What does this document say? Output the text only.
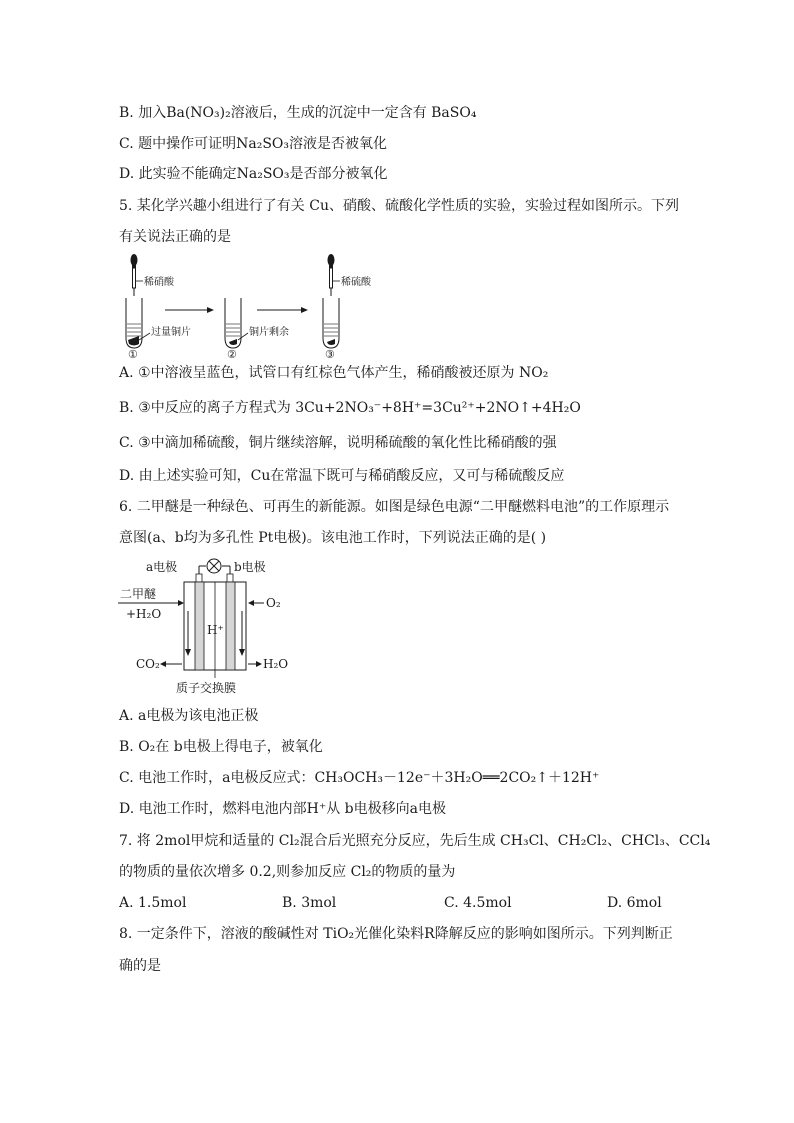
B. 加入Ba(NO₃)₂溶液后，生成的沉淀中一定含有 BaSO₄
C. 题中操作可证明Na₂SO₃溶液是否被氧化
D. 此实验不能确定Na₂SO₃是否部分被氧化
5. 某化学兴趣小组进行了有关 Cu、硝酸、硫酸化学性质的实验，实验过程如图所示。下列
有关说法正确的是
稀硝酸
过量铜片
①
铜片剩余
②
稀硫酸
③
A. ①中溶液呈蓝色，试管口有红棕色气体产生，稀硝酸被还原为 NO₂
B. ③中反应的离子方程式为 3Cu+2NO₃⁻+8H⁺=3Cu²⁺+2NO↑+4H₂O
C. ③中滴加稀硫酸，铜片继续溶解，说明稀硫酸的氧化性比稀硝酸的强
D. 由上述实验可知，Cu在常温下既可与稀硝酸反应，又可与稀硫酸反应
6. 二甲醚是一种绿色、可再生的新能源。如图是绿色电源“二甲醚燃料电池”的工作原理示
意图(a、b均为多孔性 Pt电极)。该电池工作时，下列说法正确的是( )
a电极	b电极
H⁺
二甲醚
+H₂O
O₂
CO₂	H₂O
质子交换膜
A. a电极为该电池正极
B. O₂在 b电极上得电子，被氧化
C. 电池工作时，a电极反应式：CH₃OCH₃－12e⁻＋3H₂O══2CO₂↑＋12H⁺
D. 电池工作时，燃料电池内部H⁺从 b电极移向a电极
7. 将 2mol甲烷和适量的 Cl₂混合后光照充分反应，先后生成 CH₃Cl、CH₂Cl₂、CHCl₃、CCl₄
的物质的量依次增多 0.2,则参加反应 Cl₂的物质的量为
A. 1.5mol	B. 3mol	C. 4.5mol	D. 6mol
8. 一定条件下，溶液的酸碱性对 TiO₂光催化染料R降解反应的影响如图所示。下列判断正
确的是
